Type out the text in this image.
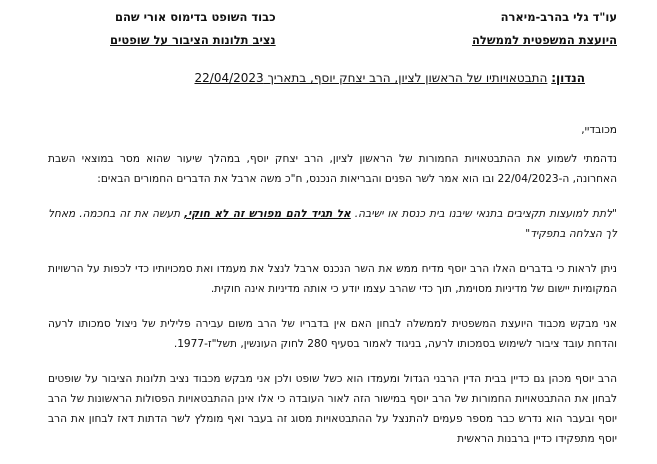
עו"ד גלי בהרב-מיארה
היועצת המשפטית לממשלה
כבוד השופט בדימוס אורי שהם
נציב תלונות הציבור על שופטים
הנדון: התבטאויותיו של הראשון לציון, הרב יצחק יוסף, בתאריך 22/04/2023

מכובדיי,

נדהמתי לשמוע את ההתבטאויות החמורות של הראשון לציון, הרב יצחק יוסף, במהלך שיעור שהוא מסר במוצאי השבת האחרונה, ה-22/04/2023 ובו הוא אמר לשר הפנים והבריאות הנכנס, ח"כ משה ארבל את הדברים החמורים הבאים:

"לתת למועצות תקציבים בתנאי שיבנו בית כנסת או ישיבה. אל תגיד להם מפורש זה לא חוקי, תעשה את זה בחכמה. מאחל לך הצלחה בתפקיד"

ניתן לראות כי בדברים האלו הרב יוסף מדיח ממש את השר הנכנס ארבל לנצל את מעמדו ואת סמכויותיו כדי לכפות על הרשויות המקומיות יישום של מדיניות מסוימת, תוך כדי שהרב עצמו יודע כי אותה מדיניות אינה חוקית.

אני מבקש מכבוד היועצת המשפטית לממשלה לבחון האם אין בדבריו של הרב משום עבירה פלילית של ניצול סמכותו לרעה והדחת עובד ציבור לשימוש בסמכותו לרעה, בניגוד לאמור בסעיף 280 לחוק העונשין, תשל"ז-1977.

הרב יוסף מכהן גם כדיין בבית הדין הרבני הגדול ומעמדו הוא כשל שופט ולכן אני מבקש מכבוד נציב תלונות הציבור על שופטים לבחון את ההתבטאויות החמורות של הרב יוסף במישור הזה לאור העובדה כי אלו אינן ההתבטאויות הפסולות הראשונות של הרב יוסף ובעבר הוא נדרש כבר מספר פעמים להתנצל על ההתבטאויות מסוג זה בעבר ואף מומלץ לשר הדתות דאז לבחון את הרב יוסף מתפקידו כדיין ברבנות הראשית
